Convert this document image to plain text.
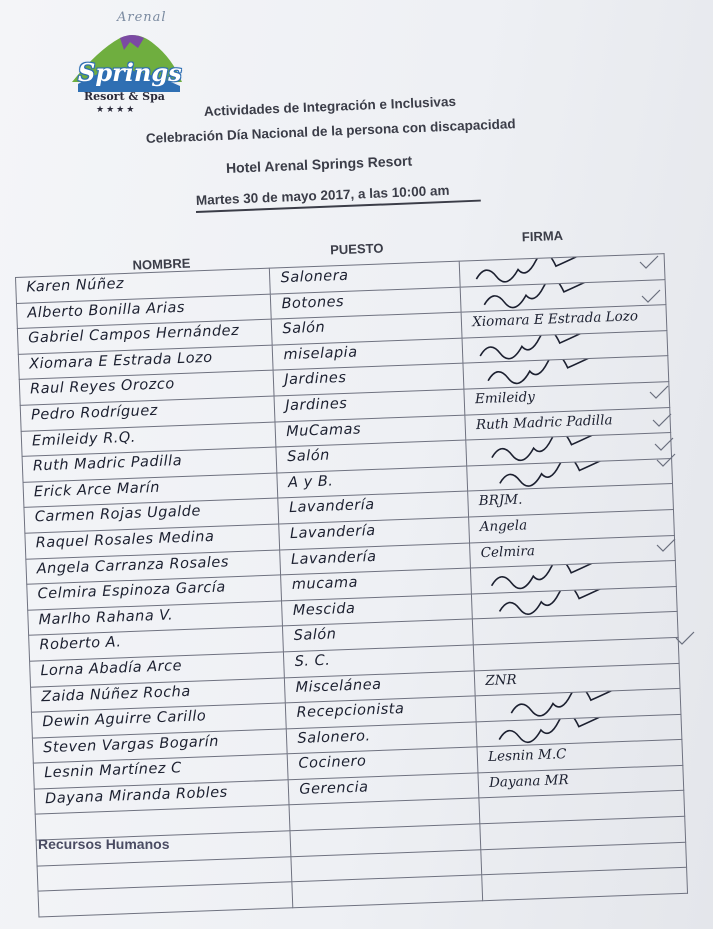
Arenal
Springs
Resort & Spa
★★★★	Actividades de Integración e Inclusivas
Celebración Día Nacional de la persona con discapacidad
Hotel Arenal Springs Resort
Martes 30 de mayo 2017, a las 10:00 am
NOMBRE
PUESTO
FIRMA
Karen Núñez	Salonera

Alberto Bonilla Arias	Botones

Gabriel Campos Hernández	Salón	Xiomara E Estrada Lozo

Xiomara E Estrada Lozo	miselapia

Raul Reyes Orozco	Jardines

Pedro Rodríguez	Jardines	Emileidy

Emileidy R.Q.	MuCamas	Ruth Madric Padilla

Ruth Madric Padilla	Salón

Erick Arce Marín	A y B.

Carmen Rojas Ugalde	Lavandería	BRJM.

Raquel Rosales Medina	Lavandería	Angela

Angela Carranza Rosales	Lavandería	Celmira

Celmira Espinoza García	mucama

Marlho Rahana V.	Mescida

Roberto A.	Salón	

Lorna Abadía Arce	S. C.	

Zaida Núñez Rocha	Miscelánea	ZNR

Dewin Aguirre Carillo	Recepcionista

Steven Vargas Bogarín	Salonero.

Lesnin Martínez C	Cocinero	Lesnin M.C

Dayana Miranda Robles	Gerencia	Dayana MR

Recursos Humanos
